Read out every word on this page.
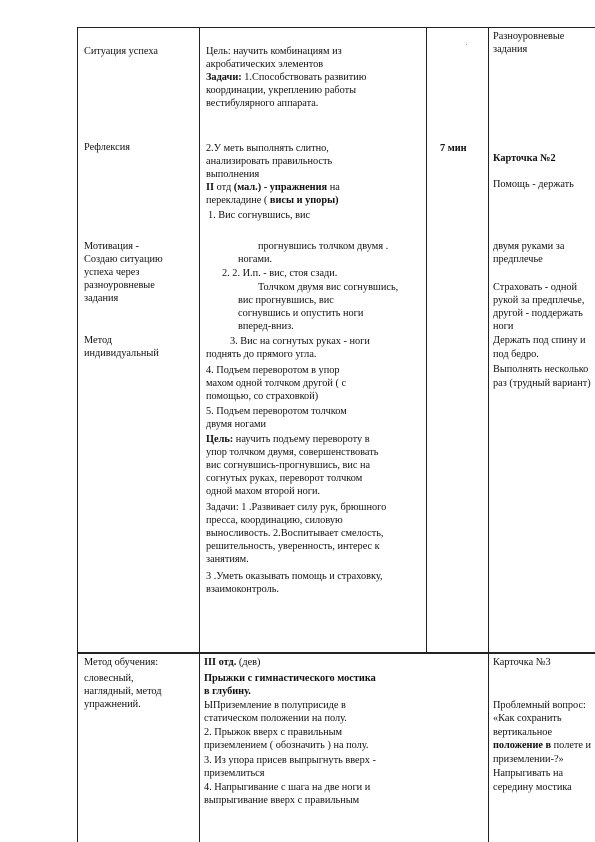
Ситуация успеха
Рефлексия
Мотивация -
Создаю ситуацию
успеха через
разноуровневые
задания
Метод
индивидуальный
Цель: научить комбинациям из
акробатических элементов
Задачи: 1.Способствовать развитию
координации, укреплению работы
вестибулярного аппарата.
2.У меть выполнять слитно,
анализировать правильность
выполнения
II отд (мал.) - упражнения на
перекладине ( висы и упоры)
1. Вис согнувшись, вис
прогнувшись толчком двумя .
ногами.
2. 2. И.п. - вис, стоя сзади.
Толчком двумя вис согнувшись,
вис прогнувшись, вис
согнувшись и опустить ноги
вперед-вниз.
3. Вис на согнутых руках - ноги
поднять до прямого угла.
4. Подъем переворотом в упор
махом одной толчком другой ( с
помощью, со страховкой)
5. Подъем переворотом толчком
двумя ногами
Цель: научить подъему перевороту в
упор толчком двумя, совершенствовать
вис согнувшись-прогнувшись, вис на
согнутых руках, переворот толчком
одной махом второй ноги.
Задачи: 1 .Развивает силу рук, брюшного
пресса, координацию, силовую
выносливость. 2.Воспитывает смелость,
решительность, уверенность, интерес к
занятиям.
3 .Уметь оказывать помощь и страховку,
взаимоконтроль.
.
7 мин
Разноуровневые
задания
Карточка №2
Помощь - держать
двумя руками за
предплечье
Страховать - одной
рукой за предплечье,
другой - поддержать
ноги
Держать под спину и
под бедро.
Выполнять несколько
раз (трудный вариант)
Метод обучения:
словесный,
наглядный, метод
упражнений.
III отд. (дев)
Прыжки с гимнастического мостика
в глубину.
ЫПриземление в полуприсиде в
статическом положении на полу.
2. Прыжок вверх с правильным
приземлением ( обозначить ) на полу.
3. Из упора присев выпрыгнуть вверх -
приземлиться
4. Напрыгивание с шага на две ноги и
выпрыгивание вверх с правильным
Карточка №3
Проблемный вопрос:
«Как сохранить
вертикальное
положение в полете и
приземлении-?»
Напрыгивать на
середину мостика
